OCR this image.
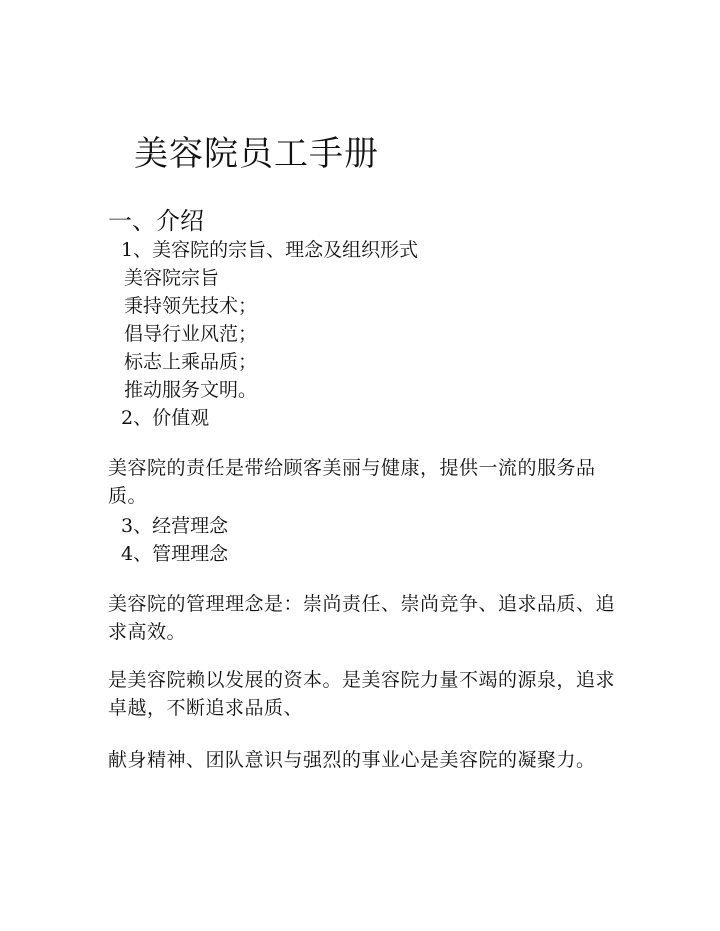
美容院员工手册
一、介绍
1、美容院的宗旨、理念及组织形式
美容院宗旨
秉持领先技术；
倡导行业风范；
标志上乘品质；
推动服务文明。
2、价值观

美容院的责任是带给顾客美丽与健康，提供一流的服务品质。

3、经营理念
4、管理理念

美容院的管理理念是：崇尚责任、崇尚竞争、追求品质、追求高效。

是美容院赖以发展的资本。是美容院力量不竭的源泉，追求卓越，不断追求品质、

献身精神、团队意识与强烈的事业心是美容院的凝聚力。
